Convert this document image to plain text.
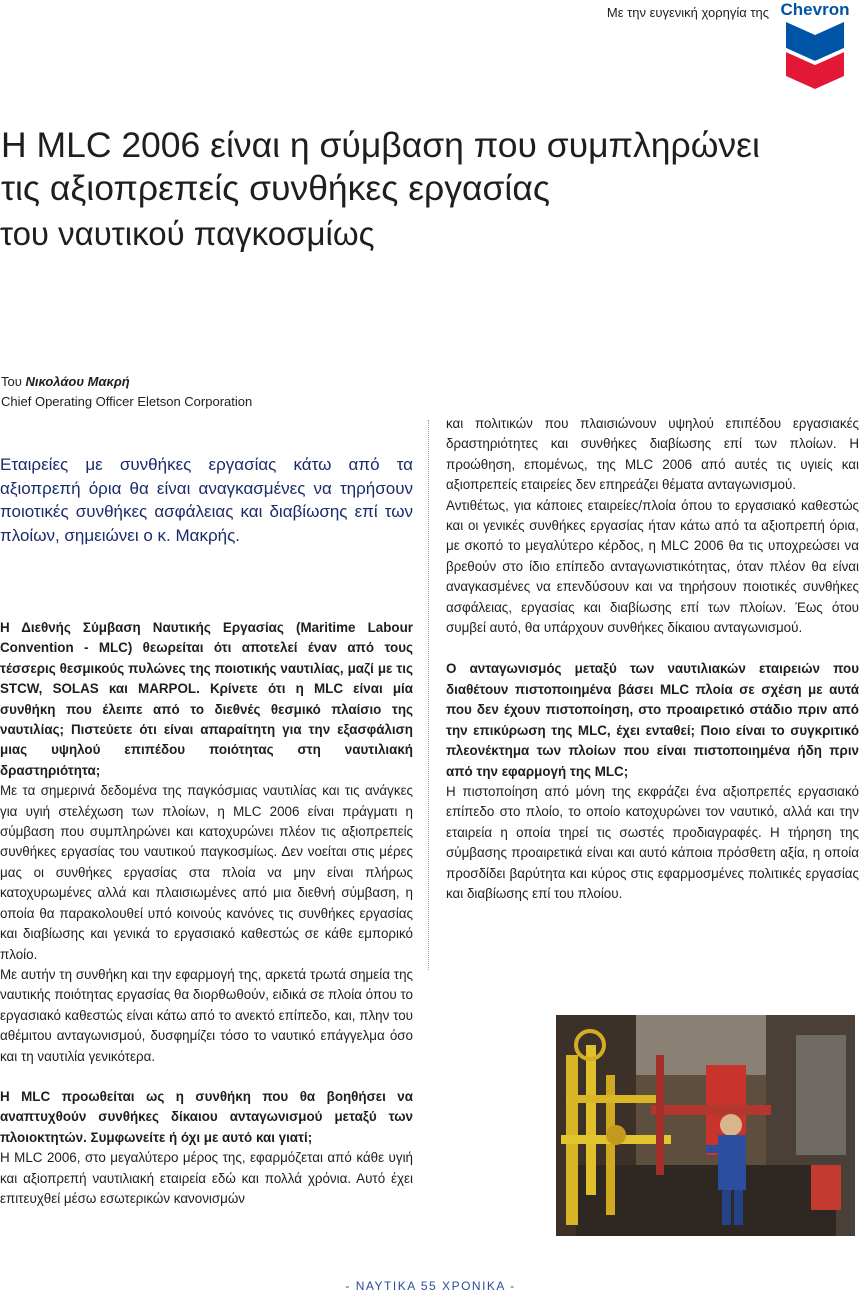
Με την ευγενική χορηγία της Chevron
Η MLC 2006 είναι η σύμβαση που συμπληρώνει
τις αξιοπρεπείς συνθήκες εργασίας
του ναυτικού παγκοσμίως
Του Νικολάου Μακρή
Chief Operating Officer Eletson Corporation
Εταιρείες με συνθήκες εργασίας κάτω από τα αξιοπρεπή όρια θα είναι αναγκασμένες να τηρήσουν ποιοτικές συνθήκες ασφάλειας και διαβίωσης επί των πλοίων, σημειώνει ο κ. Μακρής.

Η Διεθνής Σύμβαση Ναυτικής Εργασίας (Maritime Labour Convention - MLC) θεωρείται ότι αποτελεί έναν από τους τέσσερις θεσμικούς πυλώνες της ποιοτικής ναυτιλίας, μαζί με τις STCW, SOLAS και MARPOL. Κρίνετε ότι η MLC είναι μία συνθήκη που έλειπε από το διεθνές θεσμικό πλαίσιο της ναυτιλίας; Πιστεύετε ότι είναι απαραίτητη για την εξασφάλιση μιας υψηλού επιπέδου ποιότητας στη ναυτιλιακή δραστηριότητα;

Με τα σημερινά δεδομένα της παγκόσμιας ναυτιλίας και τις ανάγκες για υγιή στελέχωση των πλοίων, η MLC 2006 είναι πράγματι η σύμβαση που συμπληρώνει και κατοχυρώνει πλέον τις αξιοπρεπείς συνθήκες εργασίας του ναυτικού παγκοσμίως. Δεν νοείται στις μέρες μας οι συνθήκες εργασίας στα πλοία να μην είναι πλήρως κατοχυρωμένες αλλά και πλαισιωμένες από μια διεθνή σύμβαση, η οποία θα παρακολουθεί υπό κοινούς κανόνες τις συνθήκες εργασίας και διαβίωσης και γενικά το εργασιακό καθεστώς σε κάθε εμπορικό πλοίο.

Με αυτήν τη συνθήκη και την εφαρμογή της, αρκετά τρωτά σημεία της ναυτικής ποιότητας εργασίας θα διορθωθούν, ειδικά σε πλοία όπου το εργασιακό καθεστώς είναι κάτω από το ανεκτό επίπεδο, και, πλην του αθέμιτου ανταγωνισμού, δυσφημίζει τόσο το ναυτικό επάγγελμα όσο και τη ναυτιλία γενικότερα.

Η MLC προωθείται ως η συνθήκη που θα βοηθήσει να αναπτυχθούν συνθήκες δίκαιου ανταγωνισμού μεταξύ των πλοιοκτητών. Συμφωνείτε ή όχι με αυτό και γιατί;

Η MLC 2006, στο μεγαλύτερο μέρος της, εφαρμόζεται από κάθε υγιή και αξιοπρεπή ναυτιλιακή εταιρεία εδώ και πολλά χρόνια. Αυτό έχει επιτευχθεί μέσω εσωτερικών κανονισμών

και πολιτικών που πλαισιώνουν υψηλού επιπέδου εργασιακές δραστηριότητες και συνθήκες διαβίωσης επί των πλοίων. Η προώθηση, επομένως, της MLC 2006 από αυτές τις υγιείς και αξιοπρεπείς εταιρείες δεν επηρεάζει θέματα ανταγωνισμού.

Αντιθέτως, για κάποιες εταιρείες/πλοία όπου το εργασιακό καθεστώς και οι γενικές συνθήκες εργασίας ήταν κάτω από τα αξιοπρεπή όρια, με σκοπό το μεγαλύτερο κέρδος, η MLC 2006 θα τις υποχρεώσει να βρεθούν στο ίδιο επίπεδο ανταγωνιστικότητας, όταν πλέον θα είναι αναγκασμένες να επενδύσουν και να τηρήσουν ποιοτικές συνθήκες ασφάλειας, εργασίας και διαβίωσης επί των πλοίων. Έως ότου συμβεί αυτό, θα υπάρχουν συνθήκες δίκαιου ανταγωνισμού.

Ο ανταγωνισμός μεταξύ των ναυτιλιακών εταιρειών που διαθέτουν πιστοποιημένα βάσει MLC πλοία σε σχέση με αυτά που δεν έχουν πιστοποίηση, στο προαιρετικό στάδιο πριν από την επικύρωση της MLC, έχει ενταθεί; Ποιο είναι το συγκριτικό πλεονέκτημα των πλοίων που είναι πιστοποιημένα ήδη πριν από την εφαρμογή της MLC;

Η πιστοποίηση από μόνη της εκφράζει ένα αξιοπρεπές εργασιακό επίπεδο στο πλοίο, το οποίο κατοχυρώνει τον ναυτικό, αλλά και την εταιρεία η οποία τηρεί τις σωστές προδιαγραφές. Η τήρηση της σύμβασης προαιρετικά είναι και αυτό κάποια πρόσθετη αξία, η οποία προσδίδει βαρύτητα και κύρος στις εφαρμοσμένες πολιτικές εργασίας και διαβίωσης επί του πλοίου.

- ΝΑΥΤΙΚΑ 55 ΧΡΟΝΙΚΑ -
